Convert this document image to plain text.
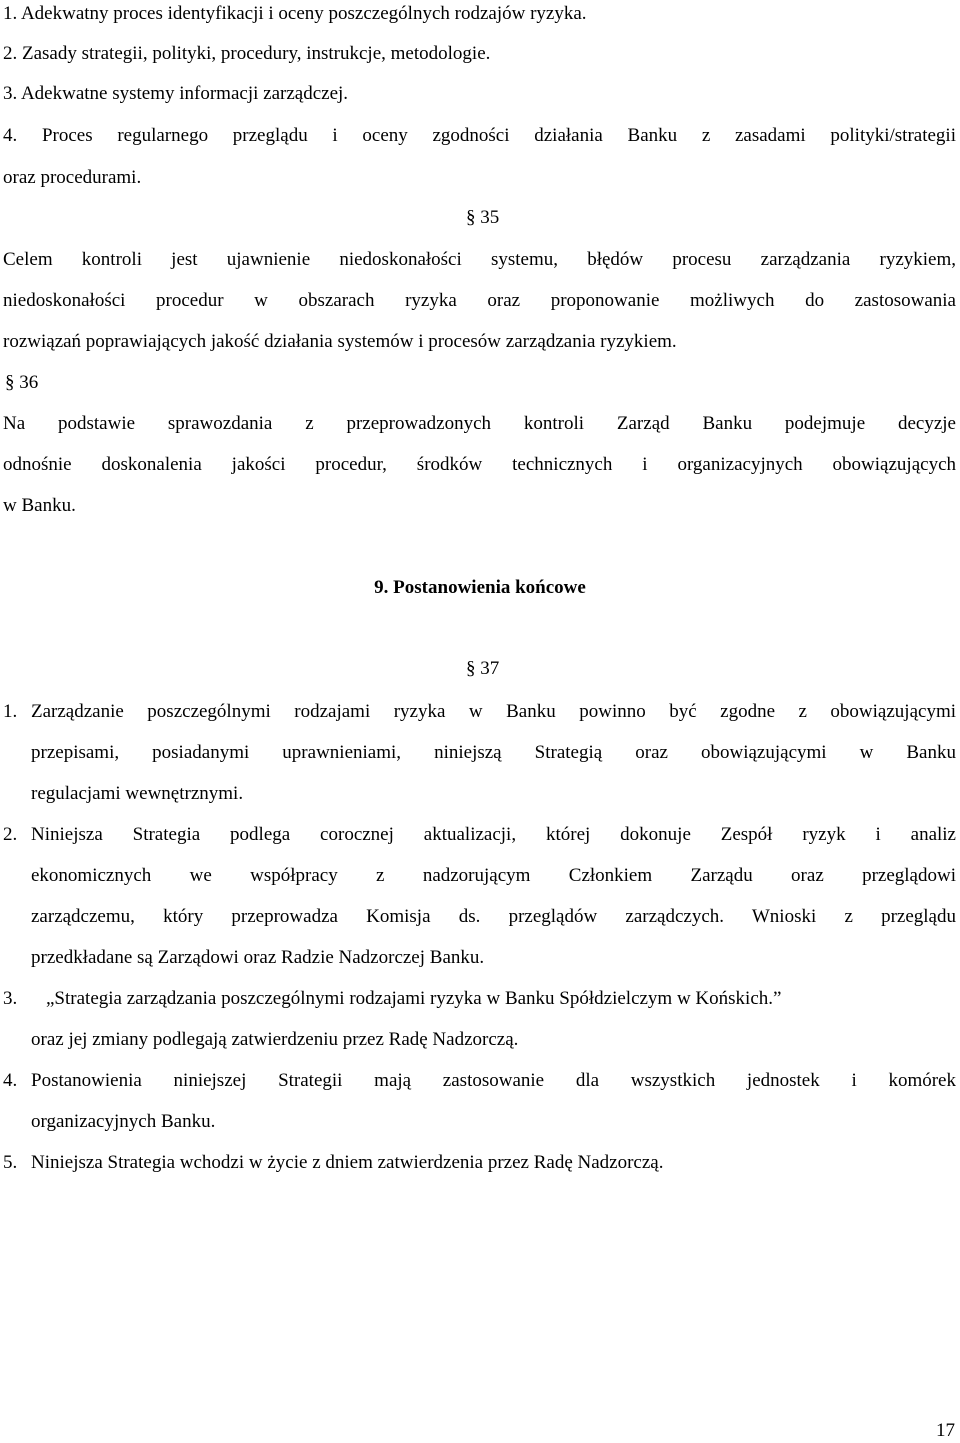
1. Adekwatny proces identyfikacji i oceny poszczególnych rodzajów ryzyka.
2. Zasady strategii, polityki, procedury, instrukcje, metodologie.
3. Adekwatne systemy informacji zarządczej.
4. Proces regularnego przeglądu i oceny zgodności działania Banku z zasadami polityki/strategii
oraz procedurami.
§ 35
Celem kontroli jest ujawnienie niedoskonałości systemu, błędów procesu zarządzania ryzykiem,
niedoskonałości procedur w obszarach ryzyka oraz proponowanie możliwych do zastosowania
rozwiązań poprawiających jakość działania systemów i procesów zarządzania ryzykiem.
§ 36
Na podstawie sprawozdania z przeprowadzonych kontroli Zarząd Banku podejmuje decyzje
odnośnie doskonalenia jakości procedur, środków technicznych i organizacyjnych obowiązujących
w Banku.
9. Postanowienia końcowe
§ 37
1. Zarządzanie poszczególnymi rodzajami ryzyka w Banku powinno być zgodne z obowiązującymi
przepisami, posiadanymi uprawnieniami, niniejszą Strategią oraz obowiązującymi w Banku
regulacjami wewnętrznymi.
2. Niniejsza Strategia podlega corocznej aktualizacji, której dokonuje Zespół ryzyk i analiz
ekonomicznych we współpracy z nadzorującym Członkiem Zarządu oraz przeglądowi
zarządczemu, który przeprowadza Komisja ds. przeglądów zarządczych. Wnioski z przeglądu
przedkładane są Zarządowi oraz Radzie Nadzorczej Banku.
3. „Strategia zarządzania poszczególnymi rodzajami ryzyka w Banku Spółdzielczym w Końskich.”
oraz jej zmiany podlegają zatwierdzeniu przez Radę Nadzorczą.
4. Postanowienia niniejszej Strategii mają zastosowanie dla wszystkich jednostek i komórek
organizacyjnych Banku.
5. Niniejsza Strategia wchodzi w życie z dniem zatwierdzenia przez Radę Nadzorczą.
17
